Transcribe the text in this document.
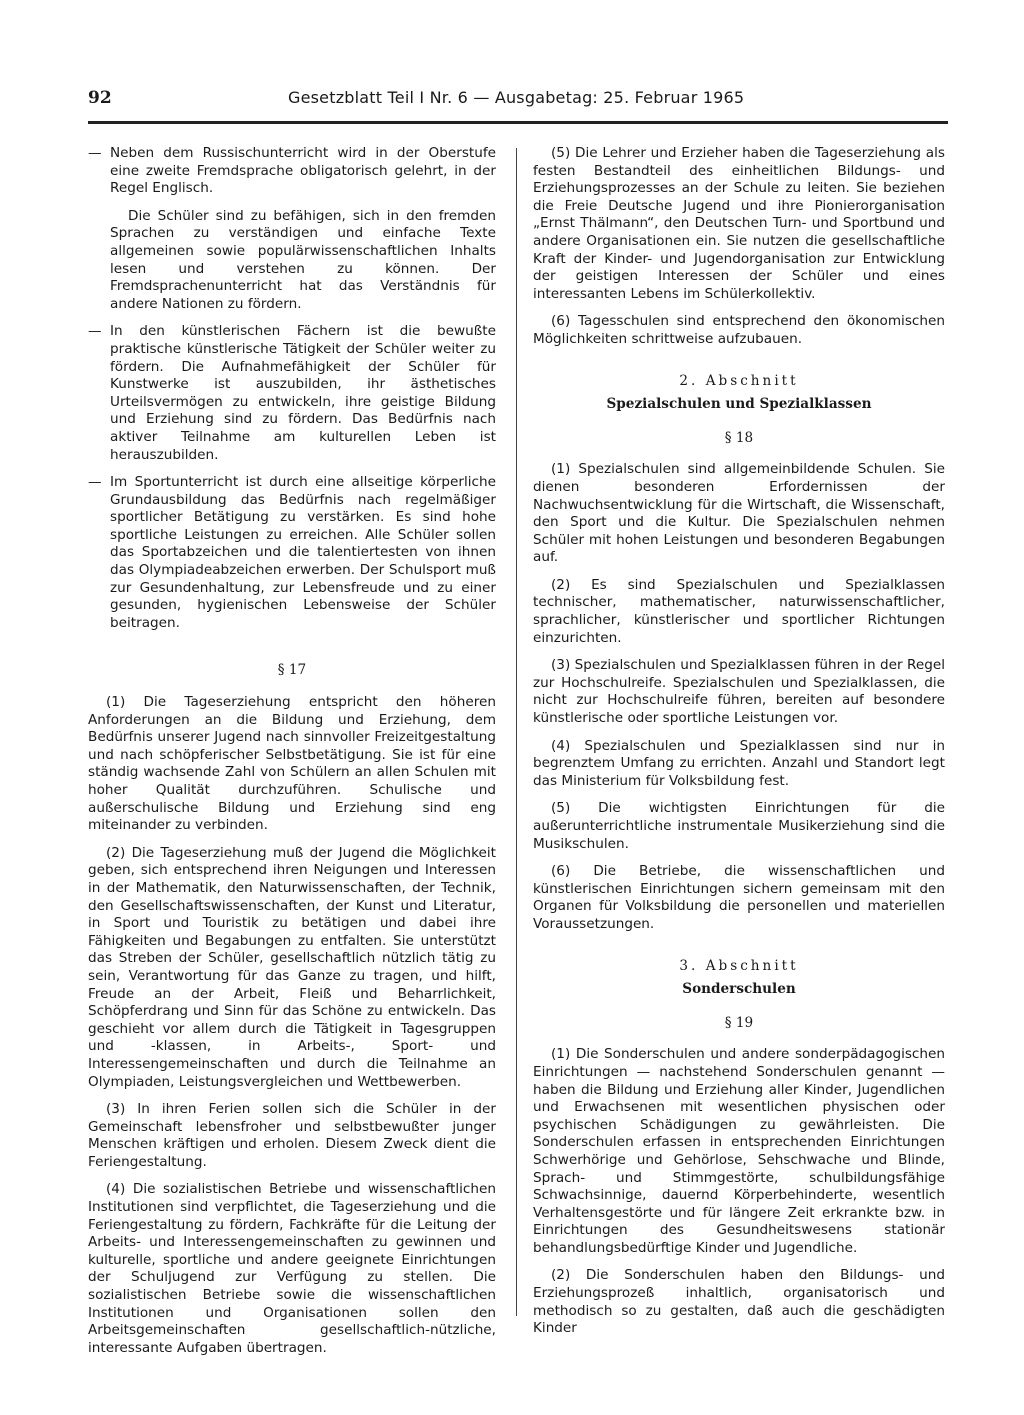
92	Gesetzblatt Teil I Nr. 6 — Ausgabetag: 25. Februar 1965
— Neben dem Russischunterricht wird in der Oberstufe eine zweite Fremdsprache obligatorisch gelehrt, in der Regel Englisch.
Die Schüler sind zu befähigen, sich in den fremden Sprachen zu verständigen und einfache Texte allgemeinen sowie populärwissenschaftlichen Inhalts lesen und verstehen zu können. Der Fremdsprachenunterricht hat das Verständnis für andere Nationen zu fördern.
— In den künstlerischen Fächern ist die bewußte praktische künstlerische Tätigkeit der Schüler weiter zu fördern. Die Aufnahmefähigkeit der Schüler für Kunstwerke ist auszubilden, ihr ästhetisches Urteilsvermögen zu entwickeln, ihre geistige Bildung und Erziehung sind zu fördern. Das Bedürfnis nach aktiver Teilnahme am kulturellen Leben ist herauszubilden.
— Im Sportunterricht ist durch eine allseitige körperliche Grundausbildung das Bedürfnis nach regelmäßiger sportlicher Betätigung zu verstärken. Es sind hohe sportliche Leistungen zu erreichen. Alle Schüler sollen das Sportabzeichen und die talentiertesten von ihnen das Olympiadeabzeichen erwerben. Der Schulsport muß zur Gesundenhaltung, zur Lebensfreude und zu einer gesunden, hygienischen Lebensweise der Schüler beitragen.
§ 17

(1) Die Tageserziehung entspricht den höheren Anforderungen an die Bildung und Erziehung, dem Bedürfnis unserer Jugend nach sinnvoller Freizeitgestaltung und nach schöpferischer Selbstbetätigung. Sie ist für eine ständig wachsende Zahl von Schülern an allen Schulen mit hoher Qualität durchzuführen. Schulische und außerschulische Bildung und Erziehung sind eng miteinander zu verbinden.

(2) Die Tageserziehung muß der Jugend die Möglichkeit geben, sich entsprechend ihren Neigungen und Interessen in der Mathematik, den Naturwissenschaften, der Technik, den Gesellschaftswissenschaften, der Kunst und Literatur, in Sport und Touristik zu betätigen und dabei ihre Fähigkeiten und Begabungen zu entfalten. Sie unterstützt das Streben der Schüler, gesellschaftlich nützlich tätig zu sein, Verantwortung für das Ganze zu tragen, und hilft, Freude an der Arbeit, Fleiß und Beharrlichkeit, Schöpferdrang und Sinn für das Schöne zu entwickeln. Das geschieht vor allem durch die Tätigkeit in Tagesgruppen und -klassen, in Arbeits-, Sport- und Interessengemeinschaften und durch die Teilnahme an Olympiaden, Leistungsvergleichen und Wettbewerben.

(3) In ihren Ferien sollen sich die Schüler in der Gemeinschaft lebensfroher und selbstbewußter junger Menschen kräftigen und erholen. Diesem Zweck dient die Feriengestaltung.

(4) Die sozialistischen Betriebe und wissenschaftlichen Institutionen sind verpflichtet, die Tageserziehung und die Feriengestaltung zu fördern, Fachkräfte für die Leitung der Arbeits- und Interessengemeinschaften zu gewinnen und kulturelle, sportliche und andere geeignete Einrichtungen der Schuljugend zur Verfügung zu stellen. Die sozialistischen Betriebe sowie die wissenschaftlichen Institutionen und Organisationen sollen den Arbeitsgemeinschaften gesellschaftlich-nützliche, interessante Aufgaben übertragen.

(5) Die Lehrer und Erzieher haben die Tageserziehung als festen Bestandteil des einheitlichen Bildungs- und Erziehungsprozesses an der Schule zu leiten. Sie beziehen die Freie Deutsche Jugend und ihre Pionierorganisation „Ernst Thälmann“, den Deutschen Turn- und Sportbund und andere Organisationen ein. Sie nutzen die gesellschaftliche Kraft der Kinder- und Jugendorganisation zur Entwicklung der geistigen Interessen der Schüler und eines interessanten Lebens im Schülerkollektiv.

(6) Tagesschulen sind entsprechend den ökonomischen Möglichkeiten schrittweise aufzubauen.

2. Abschnitt
Spezialschulen und Spezialklassen
§ 18

(1) Spezialschulen sind allgemeinbildende Schulen. Sie dienen besonderen Erfordernissen der Nachwuchsentwicklung für die Wirtschaft, die Wissenschaft, den Sport und die Kultur. Die Spezialschulen nehmen Schüler mit hohen Leistungen und besonderen Begabungen auf.

(2) Es sind Spezialschulen und Spezialklassen technischer, mathematischer, naturwissenschaftlicher, sprachlicher, künstlerischer und sportlicher Richtungen einzurichten.

(3) Spezialschulen und Spezialklassen führen in der Regel zur Hochschulreife. Spezialschulen und Spezialklassen, die nicht zur Hochschulreife führen, bereiten auf besondere künstlerische oder sportliche Leistungen vor.

(4) Spezialschulen und Spezialklassen sind nur in begrenztem Umfang zu errichten. Anzahl und Standort legt das Ministerium für Volksbildung fest.

(5) Die wichtigsten Einrichtungen für die außerunterrichtliche instrumentale Musikerziehung sind die Musikschulen.

(6) Die Betriebe, die wissenschaftlichen und künstlerischen Einrichtungen sichern gemeinsam mit den Organen für Volksbildung die personellen und materiellen Voraussetzungen.

3. Abschnitt
Sonderschulen
§ 19

(1) Die Sonderschulen und andere sonderpädagogischen Einrichtungen — nachstehend Sonderschulen genannt — haben die Bildung und Erziehung aller Kinder, Jugendlichen und Erwachsenen mit wesentlichen physischen oder psychischen Schädigungen zu gewährleisten. Die Sonderschulen erfassen in entsprechenden Einrichtungen Schwerhörige und Gehörlose, Sehschwache und Blinde, Sprach- und Stimmgestörte, schulbildungsfähige Schwachsinnige, dauernd Körperbehinderte, wesentlich Verhaltensgestörte und für längere Zeit erkrankte bzw. in Einrichtungen des Gesundheitswesens stationär behandlungsbedürftige Kinder und Jugendliche.

(2) Die Sonderschulen haben den Bildungs- und Erziehungsprozeß inhaltlich, organisatorisch und methodisch so zu gestalten, daß auch die geschädigten Kinder
